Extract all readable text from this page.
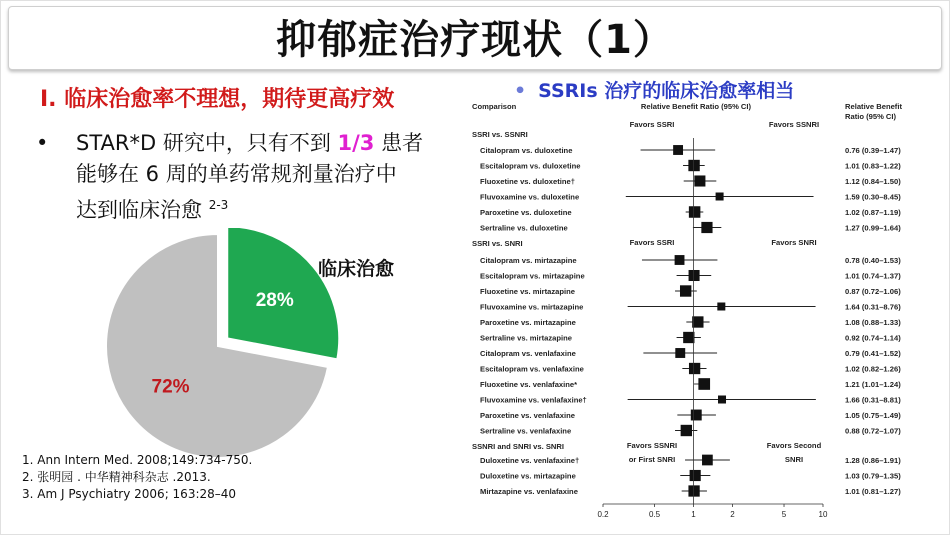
抑郁症治疗现状（1）
I. 临床治愈率不理想，期待更高疗效
•	STAR*D 研究中，只有不到 1/3 患者
能够在 6 周的单药常规剂量治疗中
达到临床治愈 $^{2-3}$
28%
72%
临床治愈
1. Ann Intern Med. 2008;149:734-750.
2. 张明园 . 中华精神科杂志 .2013.
3. Am J Psychiatry 2006; 163:28–40
• SSRIs 治疗的临床治愈率相当
Comparison	Relative Benefit Ratio (95% CI)	Relative Benefit
Ratio (95% CI)
SSRI vs. SSNRI
Favors SSRI	Favors SSNRI
Citalopram vs. duloxetine	0.76 (0.39–1.47)
Escitalopram vs. duloxetine	1.01 (0.83–1.22)
Fluoxetine vs. duloxetine†	1.12 (0.84–1.50)
Fluvoxamine vs. duloxetine	1.59 (0.30–8.45)
Paroxetine vs. duloxetine	1.02 (0.87–1.19)
Sertraline vs. duloxetine	1.27 (0.99–1.64)
SSRI vs. SNRI	Favors SSRI	Favors SNRI
Citalopram vs. mirtazapine	0.78 (0.40–1.53)
Escitalopram vs. mirtazapine	1.01 (0.74–1.37)
Fluoxetine vs. mirtazapine	0.87 (0.72–1.06)
Fluvoxamine vs. mirtazapine	1.64 (0.31–8.76)
Paroxetine vs. mirtazapine	1.08 (0.88–1.33)
Sertraline vs. mirtazapine	0.92 (0.74–1.14)
Citalopram vs. venlafaxine	0.79 (0.41–1.52)
Escitalopram vs. venlafaxine	1.02 (0.82–1.26)
Fluoxetine vs. venlafaxine*	1.21 (1.01–1.24)
Fluvoxamine vs. venlafaxine†	1.66 (0.31–8.81)
Paroxetine vs. venlafaxine	1.05 (0.75–1.49)
Sertraline vs. venlafaxine	0.88 (0.72–1.07)
SSNRI and SNRI vs. SNRI	Favors SSNRI	Favors Second
or First SNRI	SNRI
Duloxetine vs. venlafaxine†	1.28 (0.86–1.91)
Duloxetine vs. mirtazapine	1.03 (0.79–1.35)
Mirtazapine vs. venlafaxine	1.01 (0.81–1.27)
0.2	0.5	1	2	5	10
